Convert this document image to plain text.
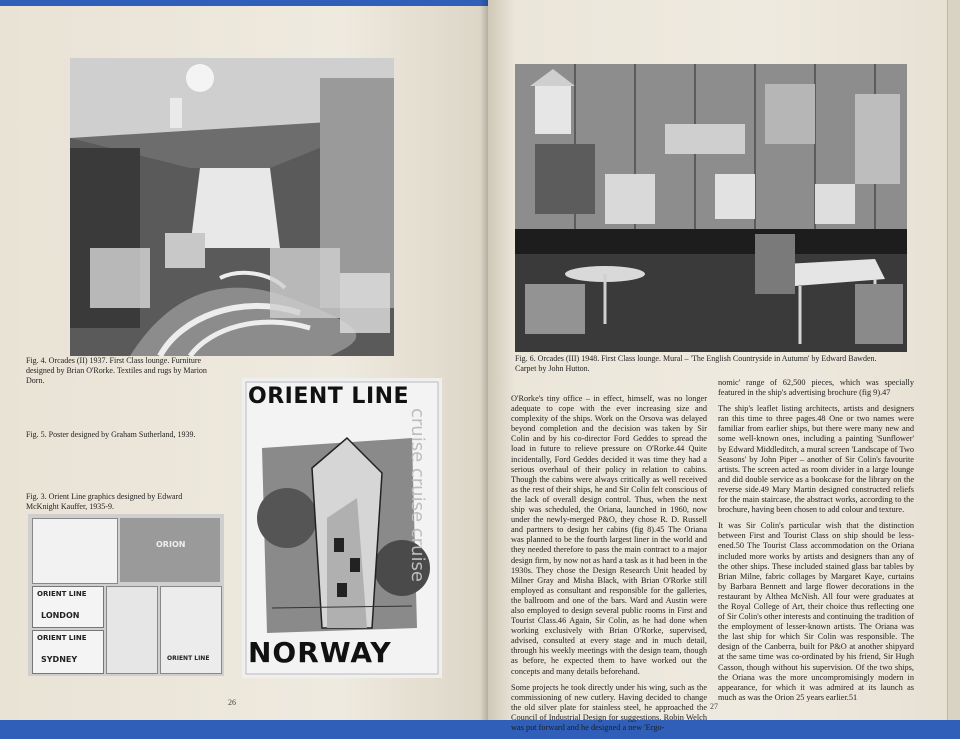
Fig. 4. Orcades (II) 1937. First Class lounge. Furniture designed by Brian O'Rorke. Textiles and rugs by Marion Dorn.
ORIENT LINE
cruise cruise cruise
NORWAY
Fig. 5. Poster designed by Graham Sutherland, 1939.
Fig. 3. Orient Line graphics designed by Edward McKnight Kauffer, 1935-9.
ORION
ORIENT LINE
LONDON
ORIENT LINE
SYDNEY	ORIENT LINE
26
Fig. 6. Orcades (III) 1948. First Class lounge. Mural – 'The English Countryside in Autumn' by Edward Bawden. Carpet by John Hutton.

O'Rorke's tiny office – in effect, himself, was no longer adequate to cope with the ever increasing size and complexity of the ships. Work on the Orsova was delayed beyond completion and the decision was taken by Sir Colin and by his co-director Ford Geddes to spread the load in future to relieve pressure on O'Rorke.44 Quite incidentally, Ford Geddes decided it was time they had a serious overhaul of their policy in relation to cabins. Though the cabins were always critically as well received as the rest of their ships, he and Sir Colin felt conscious of the lack of overall design control. Thus, when the next ship was scheduled, the Oriana, launched in 1960, now under the newly-merged P&O, they chose R. D. Russell and partners to design her cabins (fig 8).45 The Oriana was planned to be the fourth largest liner in the world and they needed therefore to pass the main contract to a major design firm, by now not as hard a task as it had been in the 1930s. They chose the Design Research Unit headed by Milner Gray and Misha Black, with Brian O'Rorke still employed as consultant and responsible for the galleries, the ballroom and one of the bars. Ward and Austin were also employed to design several public rooms in First and Tourist Class.46 Again, Sir Colin, as he had done when working exclusively with Brian O'Rorke, supervised, advised, consulted at every stage and in much detail, through his weekly meetings with the design team, though as before, he expected them to have worked out the concepts and many details beforehand.

Some projects he took directly under his wing, such as the commissioning of new cutlery. Having decided to change the old silver plate for stainless steel, he approached the Council of Industrial Design for suggestions. Robin Welch was put forward and he designed a new 'Ergo-

nomic' range of 62,500 pieces, which was specially featured in the ship's advertising brochure (fig 9).47

The ship's leaflet listing architects, artists and designers ran this time to three pages.48 One or two names were familiar from earlier ships, but there were many new and some well-known ones, including a painting 'Sunflower' by Edward Middleditch, a mural screen 'Landscape of Two Seasons' by John Piper – another of Sir Colin's favourite artists. The screen acted as room divider in a large lounge and did double service as a bookcase for the library on the reverse side.49 Mary Martin designed constructed reliefs for the main staircase, the abstract works, according to the brochure, having been chosen to add colour and texture.

It was Sir Colin's particular wish that the distinction between First and Tourist Class on ship should be less-ened.50 The Tourist Class accommodation on the Oriana included more works by artists and designers than any of the other ships. These included stained glass bar tables by Brian Milne, fabric collages by Margaret Kaye, curtains by Barbara Bennett and large flower decorations in the restaurant by Althea McNish. All four were graduates at the Royal College of Art, their choice thus reflecting one of Sir Colin's other interests and continuing the tradition of the employment of lesser-known artists. The Oriana was the last ship for which Sir Colin was responsible. The design of the Canberra, built for P&O at another shipyard at the same time was co-ordinated by his friend, Sir Hugh Casson, though without his supervision. Of the two ships, the Oriana was the more uncompromisingly modern in appearance, for which it was admired at its launch as much as was the Orion 25 years earlier.51

27
